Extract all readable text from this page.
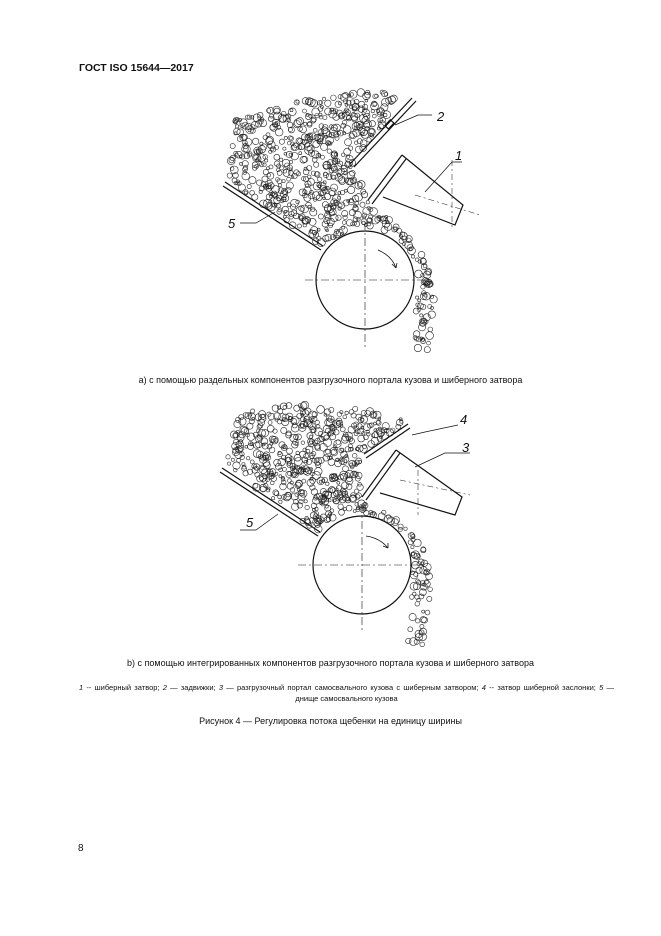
ГОСТ ISO 15644—2017
2
1
5
a) с помощью раздельных компонентов разгрузочного портала кузова и шиберного затвора
4
3
5
b) с помощью интегрированных компонентов разгрузочного портала кузова и шиберного затвора
1 -- шиберный затвор; 2 — задвижки; 3 — разгрузочный портал самосвального кузова с шиберным затвором; 4 -- затвор шиберной заслонки; 5 — днище самосвального кузова
Рисунок 4 — Регулировка потока щебенки на единицу ширины
8
